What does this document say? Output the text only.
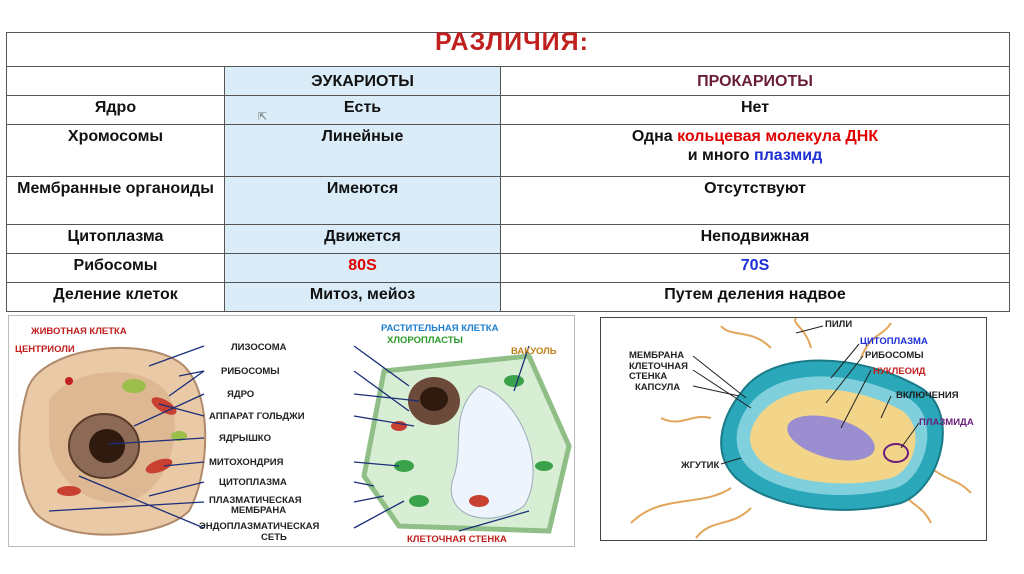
РАЗЛИЧИЯ:
	ЭУКАРИОТЫ	ПРОКАРИОТЫ
Ядро	Есть	Нет
Хромосомы	Линейные	Одна кольцевая молекула ДНК
и много плазмид
Мембранные органоиды	Имеются	Отсутствуют
Цитоплазма	Движется	Неподвижная
Рибосомы	80S	70S
Деление клеток	Митоз, мейоз	Путем деления надвое
⇱
ЖИВОТНАЯ КЛЕТКА
ЦЕНТРИОЛИ	ЛИЗОСОМА
РИБОСОМЫ
ЯДРО
АППАРАТ ГОЛЬДЖИ
ЯДРЫШКО
МИТОХОНДРИЯ
ЦИТОПЛАЗМА
ПЛАЗМАТИЧЕСКАЯ
МЕМБРАНА
ЭНДОПЛАЗМАТИЧЕСКАЯ
СЕТЬ
РАСТИТЕЛЬНАЯ КЛЕТКА
ХЛОРОПЛАСТЫ
ВАКУОЛЬ
КЛЕТОЧНАЯ СТЕНКА
ПИЛИ
ЦИТОПЛАЗМА
РИБОСОМЫ
НУКЛЕОИД
ВКЛЮЧЕНИЯ
ПЛАЗМИДА
МЕМБРАНА
КЛЕТОЧНАЯ
СТЕНКА
КАПСУЛА
ЖГУТИК
